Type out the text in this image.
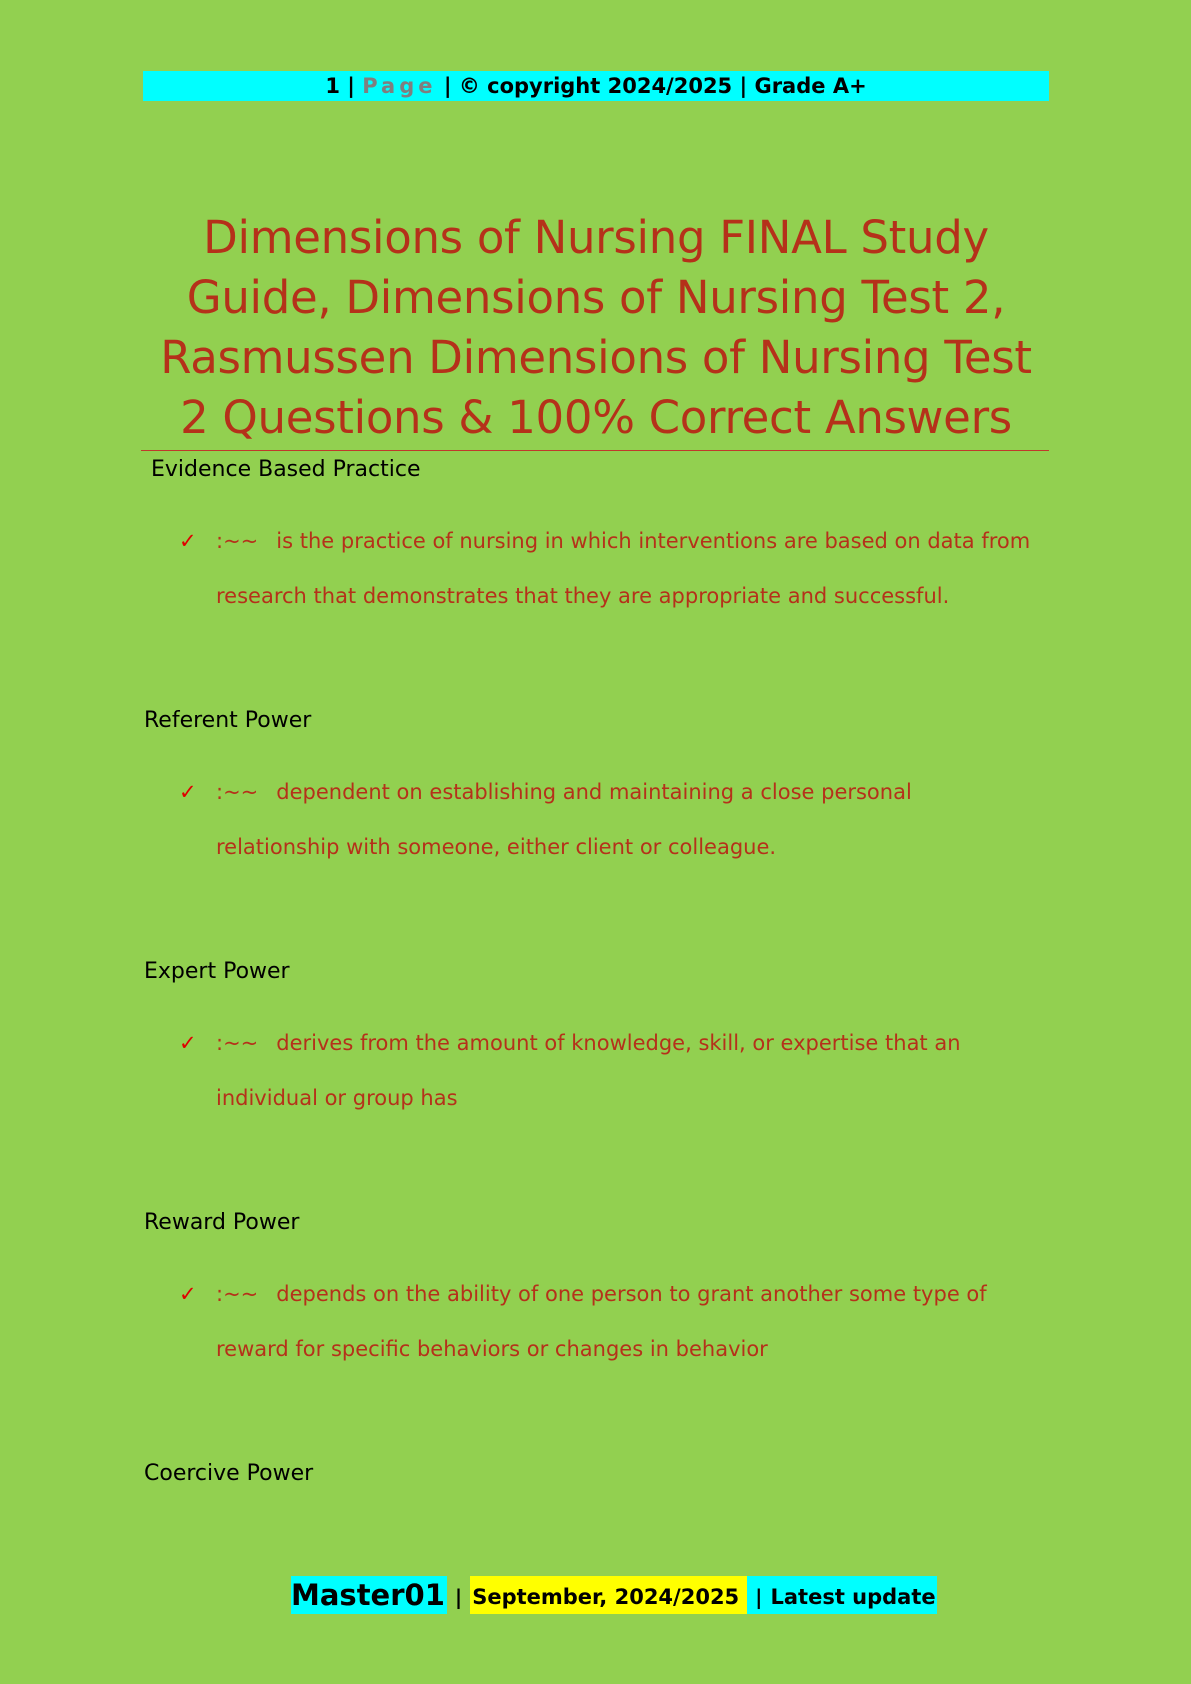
1 | Page | © copyright 2024/2025 | Grade A+
Dimensions of Nursing FINAL Study Guide, Dimensions of Nursing Test 2, Rasmussen Dimensions of Nursing Test 2 Questions & 100% Correct Answers
Evidence Based Practice
✓ :~~ is the practice of nursing in which interventions are based on data from research that demonstrates that they are appropriate and successful.
Referent Power
✓ :~~ dependent on establishing and maintaining a close personal relationship with someone, either client or colleague.
Expert Power
✓ :~~ derives from the amount of knowledge, skill, or expertise that an individual or group has
Reward Power
✓ :~~ depends on the ability of one person to grant another some type of reward for specific behaviors or changes in behavior
Coercive Power
Master01 | September, 2024/2025 | Latest update
